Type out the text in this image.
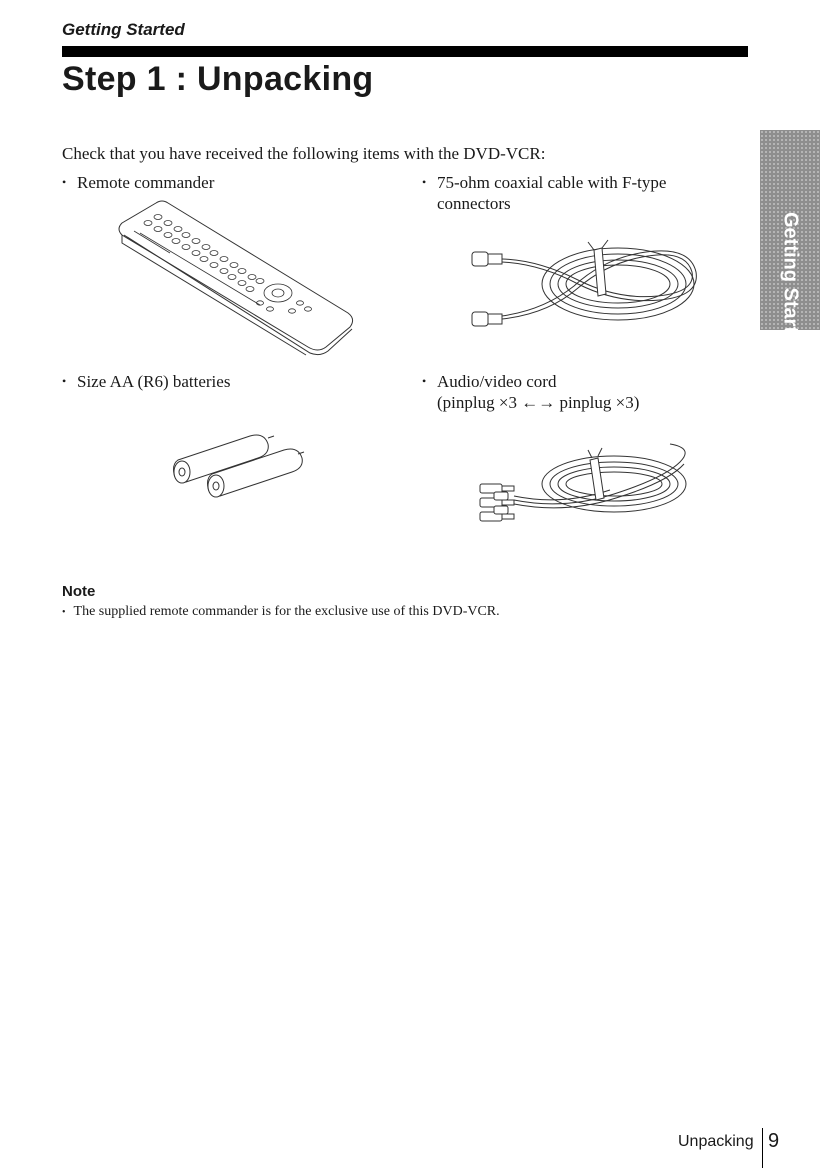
Getting Started
Step 1 : Unpacking
Getting Started
Check that you have received the following items with the DVD-VCR:
• Remote commander	• 75-ohm coaxial cable with F-type
connectors
• Size AA (R6) batteries	• Audio/video cord
(pinplug ×3 ←→ pinplug ×3)
Note
• The supplied remote commander is for the exclusive use of this DVD-VCR.
Unpacking 9
